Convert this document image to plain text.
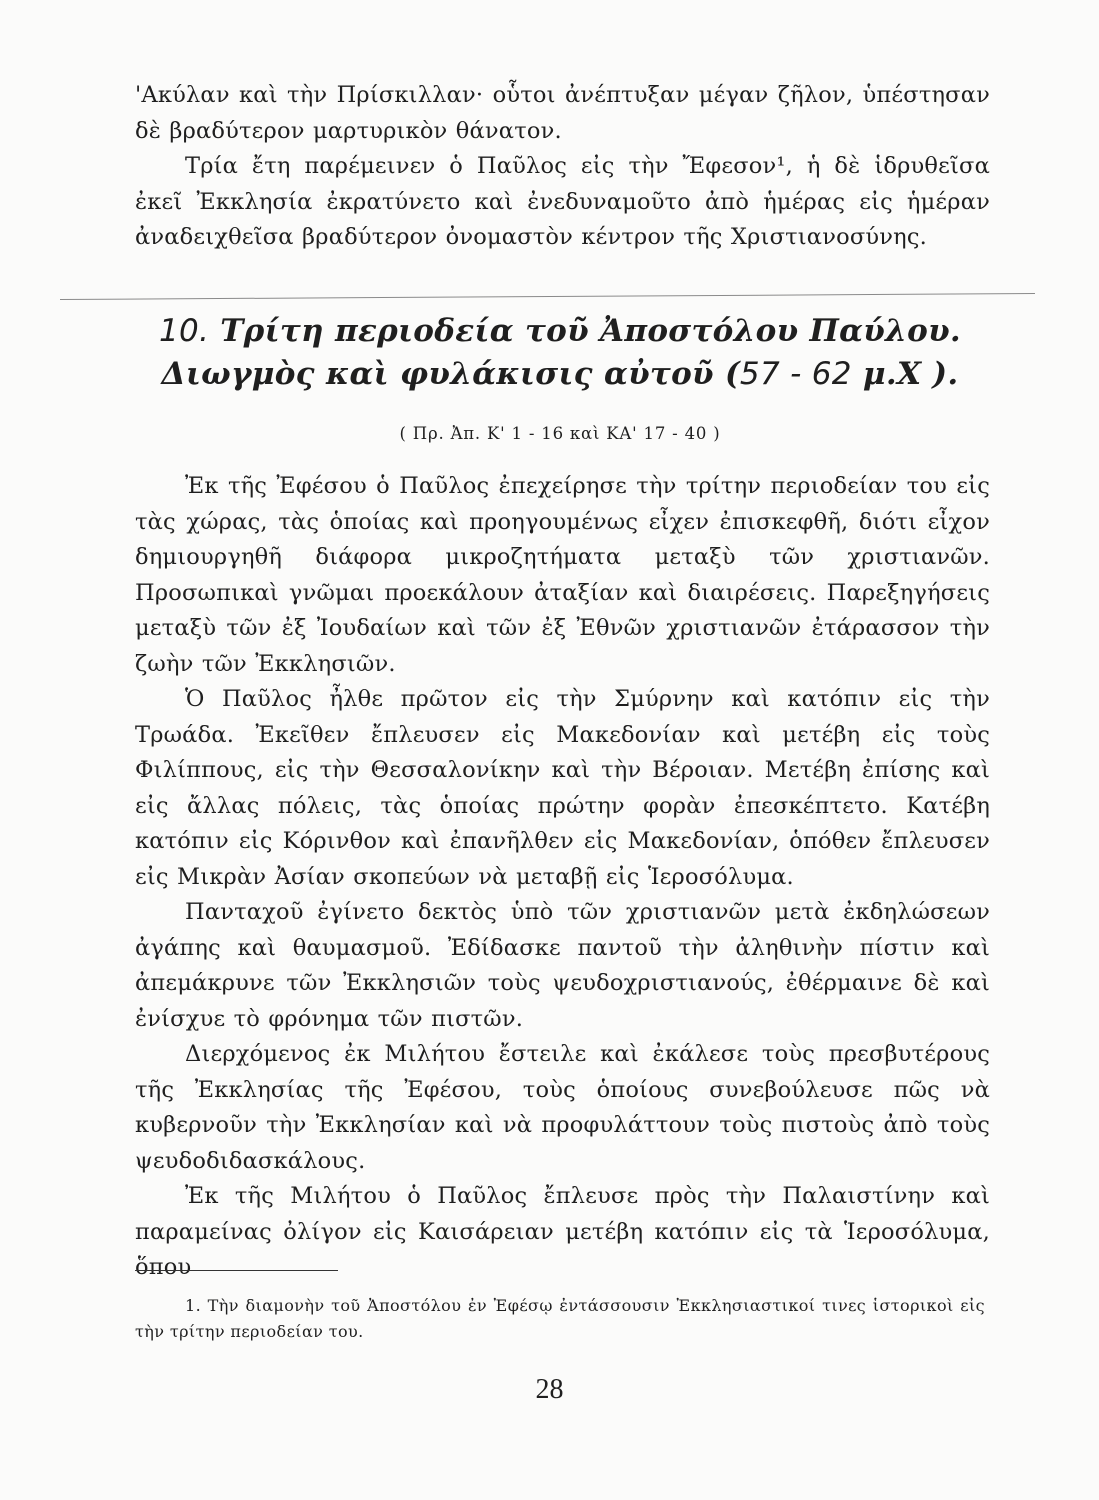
'Ακύλαν καὶ τὴν Πρίσκιλλαν· οὗτοι ἀνέπτυξαν μέγαν ζῆλον, ὑπέστησαν δὲ βραδύτερον μαρτυρικὸν θάνατον.

Τρία ἔτη παρέμεινεν ὁ Παῦλος εἰς τὴν Ἔφεσον¹, ἡ δὲ ἱδρυθεῖσα ἐκεῖ Ἐκκλησία ἐκρατύνετο καὶ ἐνεδυναμοῦτο ἀπὸ ἡμέρας εἰς ἡμέραν ἀναδειχθεῖσα βραδύτερον ὀνομαστὸν κέντρον τῆς Χριστιανοσύνης.

10. Τρίτη περιοδεία τοῦ Ἀποστόλου Παύλου.
Διωγμὸς καὶ φυλάκισις αὐτοῦ (57 - 62 μ.Χ ).

( Πρ. Ἀπ. Κ' 1 - 16 καὶ ΚΑ' 17 - 40 )

Ἐκ τῆς Ἐφέσου ὁ Παῦλος ἐπεχείρησε τὴν τρίτην περιοδείαν του εἰς τὰς χώρας, τὰς ὁποίας καὶ προηγουμένως εἶχεν ἐπισκεφθῆ, διότι εἶχον δημιουργηθῆ διάφορα μικροζητήματα μεταξὺ τῶν χριστιανῶν. Προσωπικαὶ γνῶμαι προεκάλουν ἀταξίαν καὶ διαιρέσεις. Παρεξηγήσεις μεταξὺ τῶν ἐξ Ἰουδαίων καὶ τῶν ἐξ Ἐθνῶν χριστιανῶν ἐτάρασσον τὴν ζωὴν τῶν Ἐκκλησιῶν.

Ὁ Παῦλος ἦλθε πρῶτον εἰς τὴν Σμύρνην καὶ κατόπιν εἰς τὴν Τρωάδα. Ἐκεῖθεν ἔπλευσεν εἰς Μακεδονίαν καὶ μετέβη εἰς τοὺς Φιλίππους, εἰς τὴν Θεσσαλονίκην καὶ τὴν Βέροιαν. Μετέβη ἐπίσης καὶ εἰς ἄλλας πόλεις, τὰς ὁποίας πρώτην φορὰν ἐπεσκέπτετο. Κατέβη κατόπιν εἰς Κόρινθον καὶ ἐπανῆλθεν εἰς Μακεδονίαν, ὁπόθεν ἔπλευσεν εἰς Μικρὰν Ἀσίαν σκοπεύων νὰ μεταβῇ εἰς Ἱεροσόλυμα.

Πανταχοῦ ἐγίνετο δεκτὸς ὑπὸ τῶν χριστιανῶν μετὰ ἐκδηλώσεων ἀγάπης καὶ θαυμασμοῦ. Ἐδίδασκε παντοῦ τὴν ἀληθινὴν πίστιν καὶ ἀπεμάκρυνε τῶν Ἐκκλησιῶν τοὺς ψευδοχριστιανούς, ἐθέρμαινε δὲ καὶ ἐνίσχυε τὸ φρόνημα τῶν πιστῶν.

Διερχόμενος ἐκ Μιλήτου ἔστειλε καὶ ἐκάλεσε τοὺς πρεσβυτέρους τῆς Ἐκκλησίας τῆς Ἐφέσου, τοὺς ὁποίους συνεβούλευσε πῶς νὰ κυβερνοῦν τὴν Ἐκκλησίαν καὶ νὰ προφυλάττουν τοὺς πιστοὺς ἀπὸ τοὺς ψευδοδιδασκάλους.

Ἐκ τῆς Μιλήτου ὁ Παῦλος ἔπλευσε πρὸς τὴν Παλαιστίνην καὶ παραμείνας ὀλίγον εἰς Καισάρειαν μετέβη κατόπιν εἰς τὰ Ἱεροσόλυμα, ὅπου

1. Τὴν διαμονὴν τοῦ Ἀποστόλου ἐν Ἐφέσῳ ἐντάσσουσιν Ἐκκλησιαστικοί τινες ἱστορικοὶ εἰς τὴν τρίτην περιοδείαν του.

28
